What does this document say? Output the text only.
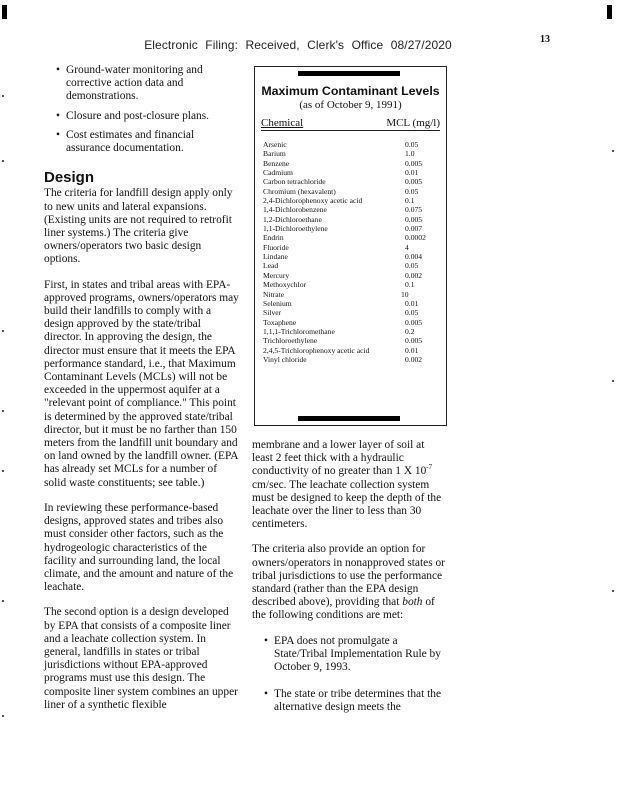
Electronic Filing: Received, Clerk's Office 08/27/2020	13
• Ground-water monitoring and corrective action data and demonstrations.
• Closure and post-closure plans.
• Cost estimates and financial assurance documentation.
Design

The criteria for landfill design apply only to new units and lateral expansions. (Existing units are not required to retrofit liner systems.) The criteria give owners/operators two basic design options.

First, in states and tribal areas with EPA-approved programs, owners/operators may build their landfills to comply with a design approved by the state/tribal director. In approving the design, the director must ensure that it meets the EPA performance standard, i.e., that Maximum Contaminant Levels (MCLs) will not be exceeded in the uppermost aquifer at a "relevant point of compliance." This point is determined by the approved state/tribal director, but it must be no farther than 150 meters from the landfill unit boundary and on land owned by the landfill owner. (EPA has already set MCLs for a number of solid waste constituents; see table.)

In reviewing these performance-based designs, approved states and tribes also must consider other factors, such as the hydrogeologic characteristics of the facility and surrounding land, the local climate, and the amount and nature of the leachate.

The second option is a design developed by EPA that consists of a composite liner and a leachate collection system. In general, landfills in states or tribal jurisdictions without EPA-approved programs must use this design. The composite liner system combines an upper liner of a synthetic flexible

Maximum Contaminant Levels
(as of October 9, 1991)
Chemical	MCL (mg/l)
Arsenic	0.05
Barium	1.0
Benzene	0.005
Cadmium	0.01
Carbon tetrachloride	0.005
Chromium (hexavalent)	0.05
2,4-Dichlorophenoxy acetic acid	0.1
1,4-Dichlorobenzene	0.075
1,2-Dichloroethane	0.005
1,1-Dichloroethylene	0.007
Endrin	0.0002
Fluoride	4
Lindane	0.004
Lead	0.05
Mercury	0.002
Methoxychlor	0.1
Nitrate	10
Selenium	0.01
Silver	0.05
Toxaphene	0.005
1,1,1-Trichloromethane	0.2
Trichloroethylene	0.005
2,4,5-Trichlorophenoxy acetic acid	0.01
Vinyl chloride	0.002

membrane and a lower layer of soil at least 2 feet thick with a hydraulic conductivity of no greater than 1 X $10^{-7}$ cm/sec. The leachate collection system must be designed to keep the depth of the leachate over the liner to less than 30 centimeters.

The criteria also provide an option for owners/operators in nonapproved states or tribal jurisdictions to use the performance standard (rather than the EPA design described above), providing that both of the following conditions are met:

• EPA does not promulgate a State/Tribal Implementation Rule by October 9, 1993.
• The state or tribe determines that the alternative design meets the
